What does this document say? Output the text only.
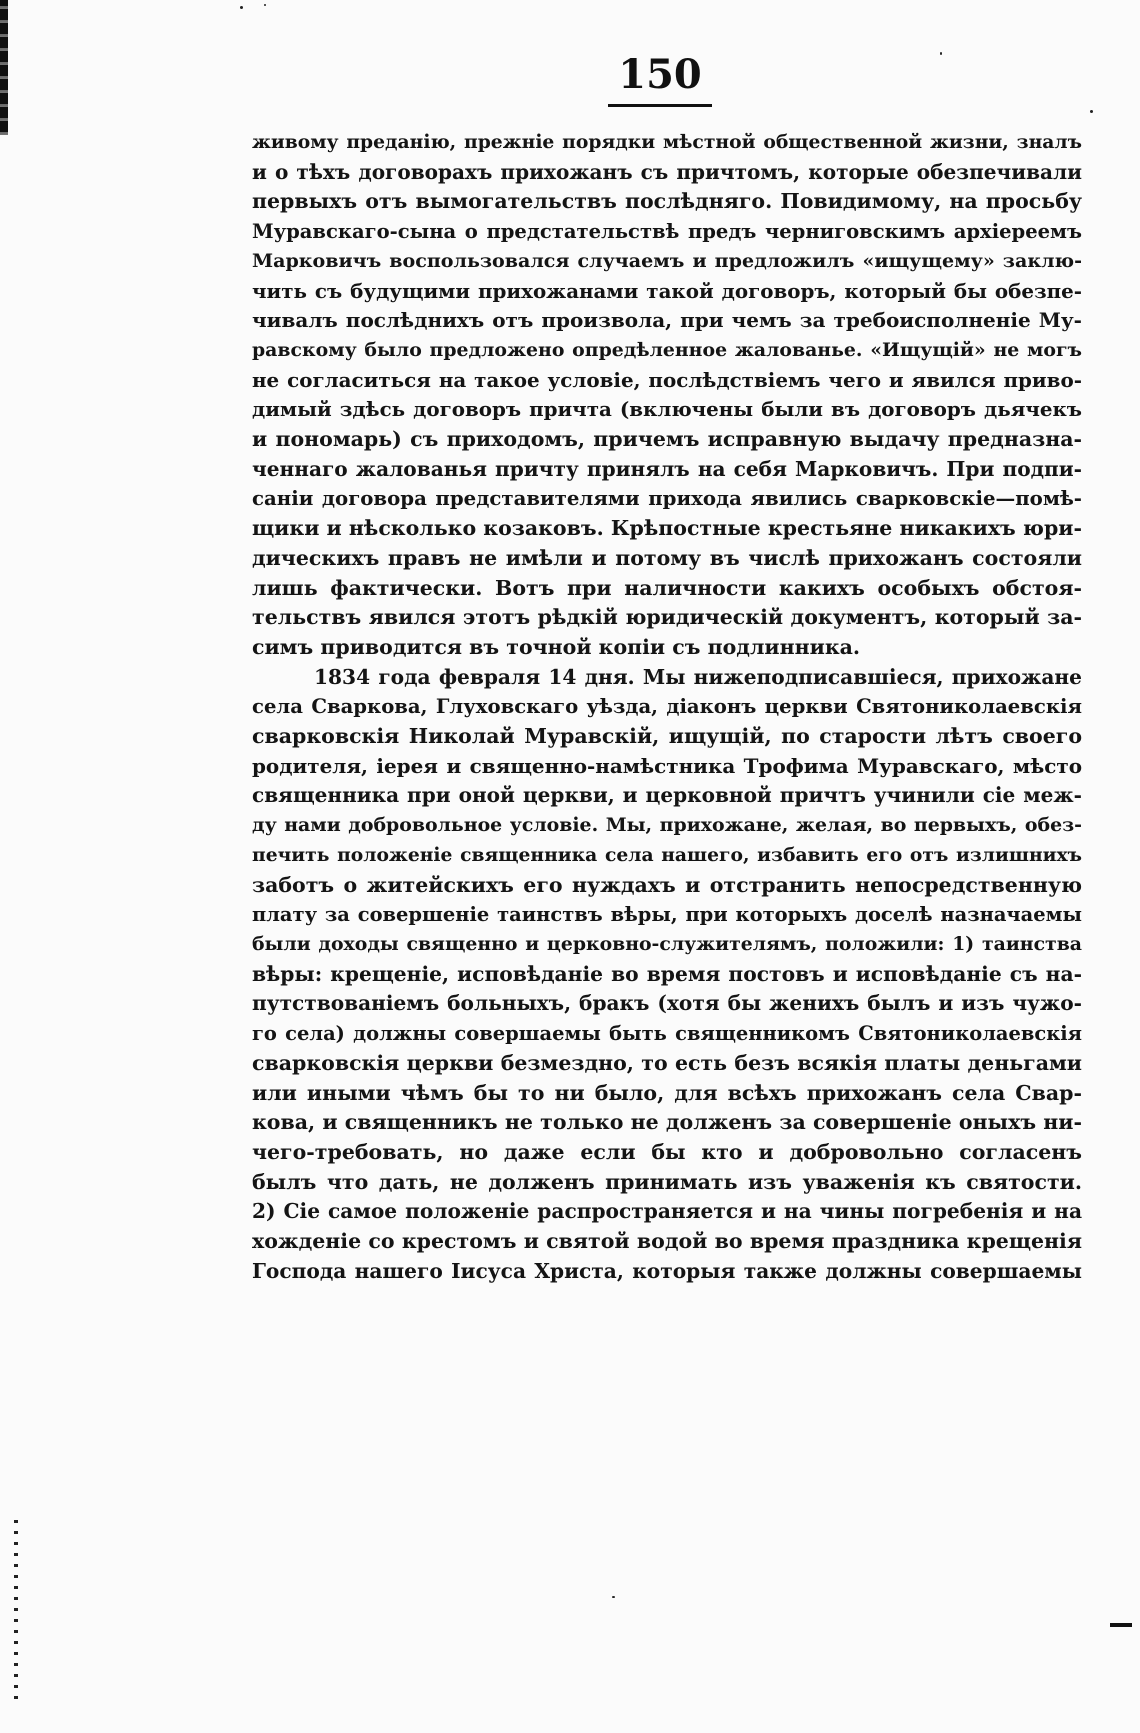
150

живому преданію, прежніе порядки мѣстной общественной жизни, зналъ
и о тѣхъ договорахъ прихожанъ съ причтомъ, которые обезпечивали
первыхъ отъ вымогательствъ послѣдняго. Повидимому, на просьбу
Муравскаго-сына о предстательствѣ предъ черниговскимъ архіереемъ
Марковичъ воспользовался случаемъ и предложилъ «ищущему» заклю-
чить съ будущими прихожанами такой договоръ, который бы обезпе-
чивалъ послѣднихъ отъ произвола, при чемъ за требоисполненіе Му-
равскому было предложено опредѣленное жалованье. «Ищущій» не могъ
не согласиться на такое условіе, послѣдствіемъ чего и явился приво-
димый здѣсь договоръ причта (включены были въ договоръ дьячекъ
и пономарь) съ приходомъ, причемъ исправную выдачу предназна-
ченнаго жалованья причту принялъ на себя Марковичъ. При подпи-
саніи договора представителями прихода явились сварковскіе—помѣ-
щики и нѣсколько козаковъ. Крѣпостные крестьяне никакихъ юри-
дическихъ правъ не имѣли и потому въ числѣ прихожанъ состояли
лишь фактически. Вотъ при наличности какихъ особыхъ обстоя-
тельствъ явился этотъ рѣдкій юридическій документъ, который за-
симъ приводится въ точной копіи съ подлинника.

1834 года февраля 14 дня. Мы нижеподписавшіеся, прихожане
села Сваркова, Глуховскаго уѣзда, діаконъ церкви Святониколаевскія
сварковскія Николай Муравскій, ищущій, по старости лѣтъ своего
родителя, іерея и священно-намѣстника Трофима Муравскаго, мѣсто
священника при оной церкви, и церковной причтъ учинили сіе меж-
ду нами добровольное условіе. Мы, прихожане, желая, во первыхъ, обез-
печить положеніе священника села нашего, избавить его отъ излишнихъ
заботъ о житейскихъ его нуждахъ и отстранить непосредственную
плату за совершеніе таинствъ вѣры, при которыхъ доселѣ назначаемы
были доходы священно и церковно-служителямъ, положили: 1) таинства
вѣры: крещеніе, исповѣданіе во время постовъ и исповѣданіе съ на-
путствованіемъ больныхъ, бракъ (хотя бы женихъ былъ и изъ чужо-
го села) должны совершаемы быть священникомъ Святониколаевскія
сварковскія церкви безмездно, то есть безъ всякія платы деньгами
или иными чѣмъ бы то ни было, для всѣхъ прихожанъ села Свар-
кова, и священникъ не только не долженъ за совершеніе оныхъ ни-
чего-требовать, но даже если бы кто и добровольно согласенъ
былъ что дать, не долженъ принимать изъ уваженія къ святости.
2) Сіе самое положеніе распространяется и на чины погребенія и на
хожденіе со крестомъ и святой водой во время праздника крещенія
Господа нашего Іисуса Христа, которыя также должны совершаемы
